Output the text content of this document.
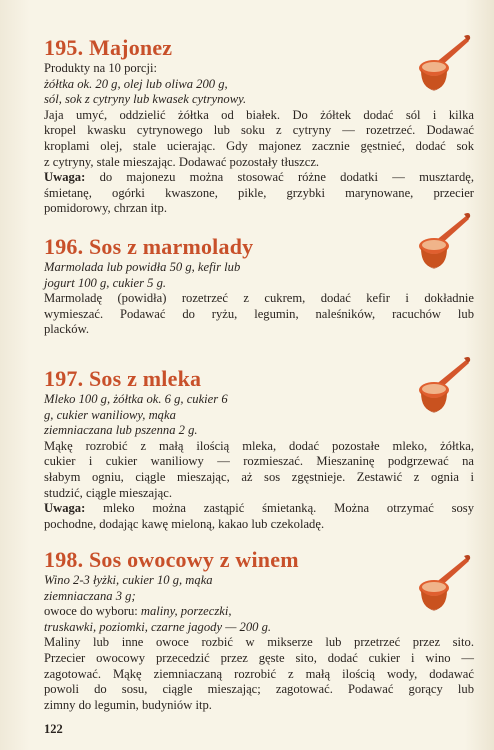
195. Majonez
Produkty na 10 porcji:
żółtka ok. 20 g, olej lub oliwa 200 g,
sól, sok z cytryny lub kwasek cytrynowy.
Jaja umyć, oddzielić żółtka od białek. Do żółtek dodać sól i kilka
kropel kwasku cytrynowego lub soku z cytryny — rozetrzeć. Dodawać
kroplami olej, stale ucierając. Gdy majonez zacznie gęstnieć, dodać sok
z cytryny, stale mieszając. Dodawać pozostały tłuszcz.
Uwaga: do majonezu można stosować różne dodatki — musztardę,
śmietanę, ogórki kwaszone, pikle, grzybki marynowane, przecier
pomidorowy, chrzan itp.
196. Sos z marmolady
Marmolada lub powidła 50 g, kefir lub
jogurt 100 g, cukier 5 g.
Marmoladę (powidła) rozetrzeć z cukrem, dodać kefir i dokładnie
wymieszać. Podawać do ryżu, legumin, naleśników, racuchów lub
placków.
197. Sos z mleka
Mleko 100 g, żółtka ok. 6 g, cukier 6
g, cukier waniliowy, mąka
ziemniaczana lub pszenna 2 g.
Mąkę rozrobić z małą ilością mleka, dodać pozostałe mleko, żółtka,
cukier i cukier waniliowy — rozmieszać. Mieszaninę podgrzewać na
słabym ogniu, ciągle mieszając, aż sos zgęstnieje. Zestawić z ognia i
studzić, ciągle mieszając.
Uwaga: mleko można zastąpić śmietanką. Można otrzymać sosy
pochodne, dodając kawę mieloną, kakao lub czekoladę.
198. Sos owocowy z winem
Wino 2-3 łyżki, cukier 10 g, mąka
ziemniaczana 3 g;
owoce do wyboru: maliny, porzeczki,
truskawki, poziomki, czarne jagody — 200 g.
Maliny lub inne owoce rozbić w mikserze lub przetrzeć przez sito.
Przecier owocowy przecedzić przez gęste sito, dodać cukier i wino —
zagotować. Mąkę ziemniaczaną rozrobić z małą ilością wody, dodawać
powoli do sosu, ciągle mieszając; zagotować. Podawać gorący lub
zimny do legumin, budyniów itp.
122
